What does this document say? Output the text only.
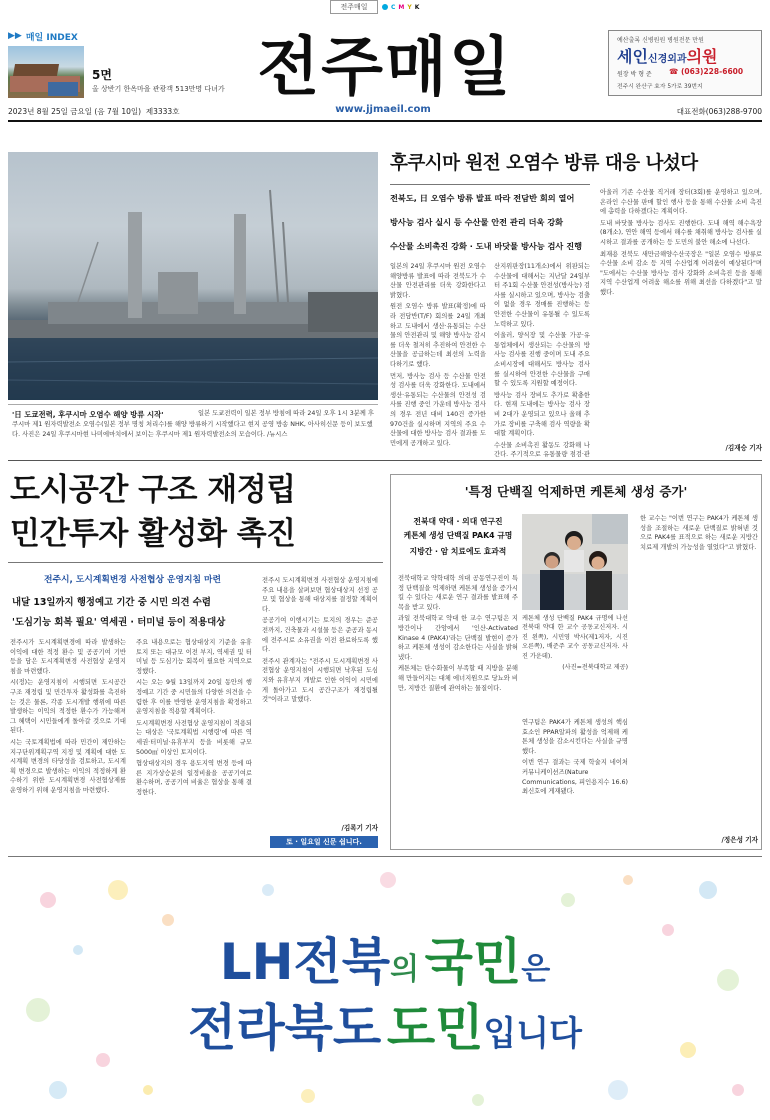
전주매일	C M Y K
▶▶ 매일 INDEX
5면
올 상반기 한옥마을 관광객 513만명 다녀가 전주매일	예산출록 신병원원 병원전문 만원
세인신경외과의원
원장 박 형 준 ☎ (063)228-6600
전주시 완산구 효자 5가로 39번지
2023년 8월 25일 금요일 (음 7월 10일) 제3333호	www.jjmaeil.com	대표전화(063)288-9700
'日 도쿄전력, 후쿠시마 오염수 해양 방류 시작'	일본 도쿄전력이 일본 정부 방침에 따라 24일 오후 1시 3분께 후쿠시마 제1 원자력발전소 오염수(일본 정부 명칭 처리수)를 해양 방류하기 시작했다고 현지 공영 방송 NHK, 아사히신문 등이 보도했다. 사진은 24일 후쿠시마현 나미에마치에서 보이는 후쿠시마 제1 원자력발전소의 모습이다. /뉴시스
후쿠시마 원전 오염수 방류 대응 나섰다
전북도, 日 오염수 방류 발표 따라 전담반 회의 열어
방사능 검사 실시 등 수산물 안전 관리 더욱 강화
수산물 소비촉진 강화 · 도내 바닷물 방사능 검사 진행

일본의 24일 후쿠시마 원전 오염수 해양방류 발표에 따라 전북도가 수산물 안전관리를 더욱 강화한다고 밝혔다.

원전 오염수 방류 발표(확정)에 따라 전담반(T/F) 회의를 24일 개최하고 도내에서 생산·유통되는 수산물의 안전관리 및 해양 방사능 감시를 더욱 철저히 추진하여 안전한 수산물을 공급하는데 최선의 노력을 다하기로 했다.

먼저, 방사능 검사 등 수산물 안전성 검사를 더욱 강화한다. 도내에서 생산·유통되는 수산물의 안전성 검사를 진행 중인 가운데 방사능 검사의 경우 전년 대비 140건 증가한 970건을 실시하며 지역의 주요 수산물에 대한 방사능 검사 결과를 도민에게 공개하고 있다.

산지위판장(11개소)에서 위판되는 수산물에 대해서는 지난달 24일부터 주1회 수산물 안전성(방사능) 검사를 실시하고 있으며, 방사능 검출이 없을 경우 경매를 진행하는 등 안전한 수산물이 유통될 수 있도록 노력하고 있다.

이울러, 양식장 및 수산물 가공·유통업체에서 생산되는 수산물의 방사능 검사를 진행 중이며 도내 주요 소비시장에 대해서도 방사능 검사를 실시하여 안전한 수산물을 구매할 수 있도록 지원할 예정이다.

방사능 검사 장비도 추가로 확충한다. 현재 도내에는 방사능 검사 장비 2대가 운영되고 있으나 올해 추가로 장비를 구축해 검사 역량을 확대할 계획이다.

수산물 소비촉진 활동도 강화해 나간다. 주기적으로 유통물량 점검·관

아울러 기존 수산물 직거래 장터(3회)를 운영하고 있으며, 온라인 수산물 판매 할인 행사 등을 통해 수산물 소비 촉진에 총력을 다하겠다는 계획이다.

도내 바닷물 방사능 검사도 진행한다. 도내 해역 해수욕장(8개소), 연안 해역 등에서 해수를 채취해 방사능 검사를 실시하고 결과를 공개하는 등 도민의 불안 해소에 나선다.

최재용 전북도 새만금해양수산국장은 "일본 오염수 방류로 수산물 소비 감소 등 지역 수산업계 어려움이 예상된다"며 "도에서는 수산물 방사능 검사 강화와 소비촉진 등을 통해 지역 수산업계 어려움 해소를 위해 최선을 다하겠다"고 말했다.

/김재승 기자
도시공간 구조 재정립
민간투자 활성화 촉진
전주시, 도시계획변경 사전협상 운영지침 마련
내달 13일까지 행정예고 기간 중 시민 의견 수렴
'도심기능 회복 필요' 역세권 · 터미널 등이 적용대상

전주시가 도시계획변경에 따라 발생하는 이익에 대한 적정 환수 및 공공기여 기반 등을 담은 도시계획변경 사전협상 운영지침을 마련했다.

시(정)는 운영지침이 시행되면 도시공간 구조 재정립 및 민간투자 활성화를 촉진하는 것은 물론, 각종 도시개발 행위에 따른 발생하는 이익의 적정한 환수가 가능해져 그 혜택이 시민들에게 돌아갈 것으로 기대된다.

시는 국토계획법에 따라 민간이 제안하는 지구단위계획구역 지정 및 계획에 대한 도시계획 변경의 타당성을 검토하고, 도시계획 변경으로 발생하는 이익의 적정하게 환수하기 위한 도시계획변경 사전협상제를 운영하기 위해 운영지침을 마련했다.

주요 내용으로는 협상대상지 기준을 유휴토지 또는 대규모 이전 부지, 역세권 및 터미널 등 도심기능 회복이 필요한 지역으로 정했다.

시는 오는 9월 13일까지 20일 동안의 행정예고 기간 중 시민들의 다양한 의견을 수렴한 후 이를 반영한 운영지침을 확정하고 운영지침을 적용할 계획이다.

도시계획변경 사전협상 운영지침이 적용되는 대상은 '국토계획법 시행령'에 따른 역세권·터미널·유휴부지 등을 비롯해 규모 5000㎡ 이상인 토지이다.

협상대상지의 경우 용도지역 변경 등에 따른 지가상승분의 일정비율을 공공기여로 환수하며, 공공기여 비율은 협상을 통해 결정한다.

전주시 도시계획변경 사전협상 운영지침에 주요 내용을 살펴보면 협상대상지 선정 공모 및 협상을 통해 대상지를 결정할 계획이다.

공공기여 이행시기는 토지의 경우는 준공 전까지, 건축물과 시설물 등은 준공과 동시에 전주시로 소유권을 이전 완료하도록 했다.

전주시 관계자는 "전주시 도시계획변경 사전협상 운영지침이 시행되면 낙후된 도심지와 유휴부지 개발로 인한 이익이 시민에게 돌아가고 도시 공간구조가 재정립될 것"이라고 말했다.

/김록기 기자
토 · 일요일 신문 쉽니다.
'특정 단백질 억제하면 케톤체 생성 증가'
전북대 약대 · 의대 연구진
케톤체 생성 단백질 PAK4 규명
지방간 · 암 치료에도 효과적

전북대학교 약학대학 의대 공동연구진이 특정 단백질을 억제하면 케톤체 생성을 증가시킬 수 있다는 새로운 연구 결과를 발표해 주목을 받고 있다.

과일 전북대학교 약대 한 교수 연구팀은 지방간이나 간암에서 '인산-Activated Kinase 4 (PAK4)'라는 단백질 발현이 증가하고 케톤체 생성이 감소한다는 사실을 밝혀냈다.

케톤체는 탄수화물이 부족할 때 지방을 분해해 만들어지는 대체 에너지원으로 당뇨와 비만, 지방간 질환에 관여하는 물질이다.

케톤체 생성 단백질 PAK4 규명에 나선 전북대 약대 한 교수 공동교신저자. 시진 왼쪽), 시민영 박사(제1저자, 시진 오른쪽), 배준주 교수 공동교신저자. 사진 가운데).

(사진=전북대학교 제공)

연구팀은 PAK4가 케톤체 생성의 핵심 효소인 PPAR알파의 활성을 억제해 케톤체 생성을 감소시킨다는 사실을 규명했다.

이번 연구 결과는 국제 학술지 네이처 커뮤니케이션즈(Nature Communications, 피인용지수 16.6) 최신호에 게재됐다.

한 교수는 "이번 연구는 PAK4가 케톤체 생성을 조절하는 새로운 단백질로 밝혀낸 것으로 PAK4를 표적으로 하는 새로운 지방간 치료제 개발의 가능성을 열었다"고 밝혔다.

/정은성 기자
LH전북의 국민은
전라북도 도민입니다
